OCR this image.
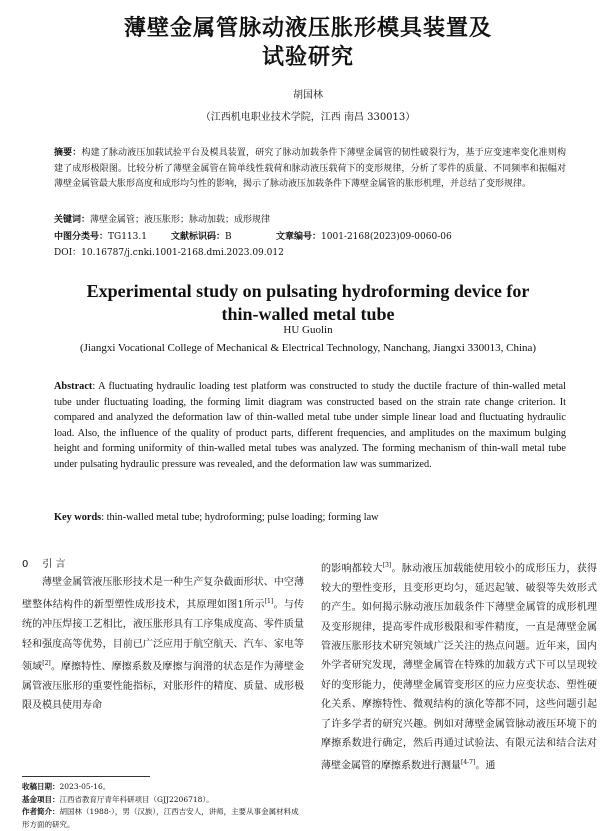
薄壁金属管脉动液压胀形模具装置及
试验研究
胡国林
（江西机电职业技术学院，江西 南昌 330013）

摘要：构建了脉动液压加载试验平台及模具装置，研究了脉动加载条件下薄壁金属管的韧性破裂行为，基于应变速率变化准则构建了成形极限图。比较分析了薄壁金属管在简单线性载荷和脉动液压载荷下的变形规律，分析了零件的质量、不同频率和振幅对薄壁金属管最大胀形高度和成形均匀性的影响，揭示了脉动液压加载条件下薄壁金属管的胀形机理，并总结了变形规律。

关键词：薄壁金属管；液压胀形；脉动加载；成形规律
中图分类号：TG113.1	文献标识码：B	文章编号：1001-2168(2023)09-0060-06
DOI：10.16787/j.cnki.1001-2168.dmi.2023.09.012
Experimental study on pulsating hydroforming device for
thin-walled metal tube
HU Guolin

(Jiangxi Vocational College of Mechanical & Electrical Technology, Nanchang, Jiangxi 330013, China)

Abstract: A fluctuating hydraulic loading test platform was constructed to study the ductile fracture of thin-walled metal tube under fluctuating loading, the forming limit diagram was constructed based on the strain rate change criterion. It compared and analyzed the deformation law of thin-walled metal tube under simple linear load and fluctuating hydraulic load. Also, the influence of the quality of product parts, different frequencies, and amplitudes on the maximum bulging height and forming uniformity of thin-walled metal tubes was analyzed. The forming mechanism of thin-wall metal tube under pulsating hydraulic pressure was revealed, and the deformation law was summarized.

Key words: thin-walled metal tube; hydroforming; pulse loading; forming law
0 引 言

薄壁金属管液压胀形技术是一种生产复杂截面形状、中空薄壁整体结构件的新型塑性成形技术，其原理如图1所示[1]。与传统的冲压焊接工艺相比，液压胀形具有工序集成度高、零件质量轻和强度高等优势，目前已广泛应用于航空航天、汽车、家电等领域[2]。摩擦特性、摩擦系数及摩擦与润滑的状态是作为薄壁金属管液压胀形的重要性能指标，对胀形件的精度、质量、成形极限及模具使用寿命

的影响都较大[3]。脉动液压加载能使用较小的成形压力，获得较大的塑性变形，且变形更均匀，延迟起皱、破裂等失效形式的产生。如何揭示脉动液压加载条件下薄壁金属管的成形机理及变形规律，提高零件成形极限和零件精度，一直是薄壁金属管液压胀形技术研究领域广泛关注的热点问题。近年来，国内外学者研究发现，薄壁金属管在特殊的加载方式下可以呈现较好的变形能力，使薄壁金属管变形区的应力应变状态、塑性硬化关系、摩擦特性、微观结构的演化等都不同，这些问题引起了许多学者的研究兴趣。例如对薄壁金属管脉动液压环境下的摩擦系数进行确定，然后再通过试验法、有限元法和结合法对薄壁金属管的摩擦系数进行测量[4-7]。通

收稿日期：2023-05-16。

基金项目：江西省教育厅青年科研项目（GJJ2206718）。

作者简介：胡国林（1988-），男（汉族），江西吉安人，讲师，主要从事金属材料成形方面的研究。
